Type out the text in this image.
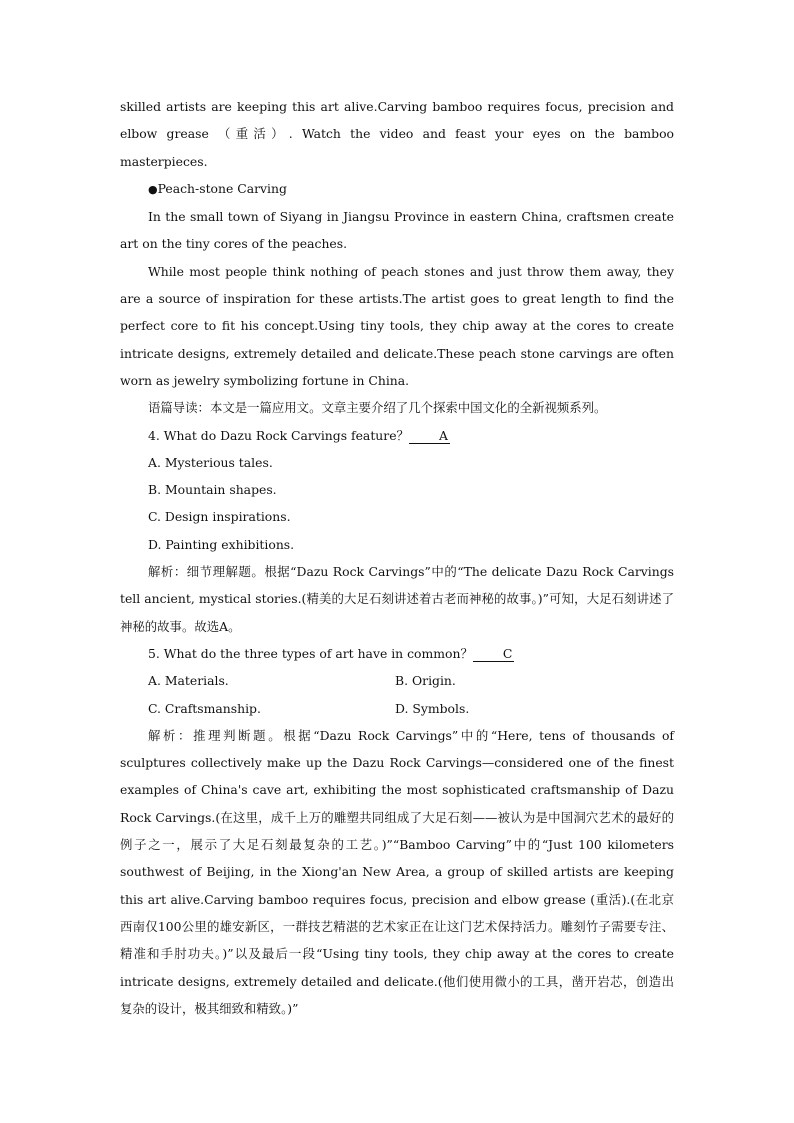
skilled artists are keeping this art alive.Carving bamboo requires focus, precision and elbow grease （重活）. Watch the video and feast your eyes on the bamboo masterpieces.

●Peach-stone Carving

In the small town of Siyang in Jiangsu Province in eastern China, craftsmen create art on the tiny cores of the peaches.

While most people think nothing of peach stones and just throw them away, they are a source of inspiration for these artists.The artist goes to great length to find the perfect core to fit his concept.Using tiny tools, they chip away at the cores to create intricate designs, extremely detailed and delicate.These peach stone carvings are often worn as jewelry symbolizing fortune in China.

语篇导读：本文是一篇应用文。文章主要介绍了几个探索中国文化的全新视频系列。

4. What do Dazu Rock Carvings feature？ A

A. Mysterious tales.

B. Mountain shapes.

C. Design inspirations.

D. Painting exhibitions.

解析：细节理解题。根据“Dazu Rock Carvings”中的“The delicate Dazu Rock Carvings tell ancient, mystical stories.(精美的大足石刻讲述着古老而神秘的故事。)”可知，大足石刻讲述了神秘的故事。故选A。

5. What do the three types of art have in common？ C

A. Materials.	B. Origin.
C. Craftsmanship.	D. Symbols.

解析：推理判断题。根据“Dazu Rock Carvings”中的“Here, tens of thousands of sculptures collectively make up the Dazu Rock Carvings—considered one of the finest examples of China's cave art, exhibiting the most sophisticated craftsmanship of Dazu Rock Carvings.(在这里，成千上万的雕塑共同组成了大足石刻——被认为是中国洞穴艺术的最好的例子之一，展示了大足石刻最复杂的工艺。)”“Bamboo Carving”中的“Just 100 kilometers southwest of Beijing, in the Xiong'an New Area, a group of skilled artists are keeping this art alive.Carving bamboo requires focus, precision and elbow grease (重活).(在北京西南仅100公里的雄安新区，一群技艺精湛的艺术家正在让这门艺术保持活力。雕刻竹子需要专注、精准和手肘功夫。)”以及最后一段“Using tiny tools, they chip away at the cores to create intricate designs, extremely detailed and delicate.(他们使用微小的工具，凿开岩芯，创造出复杂的设计，极其细致和精致。)”
